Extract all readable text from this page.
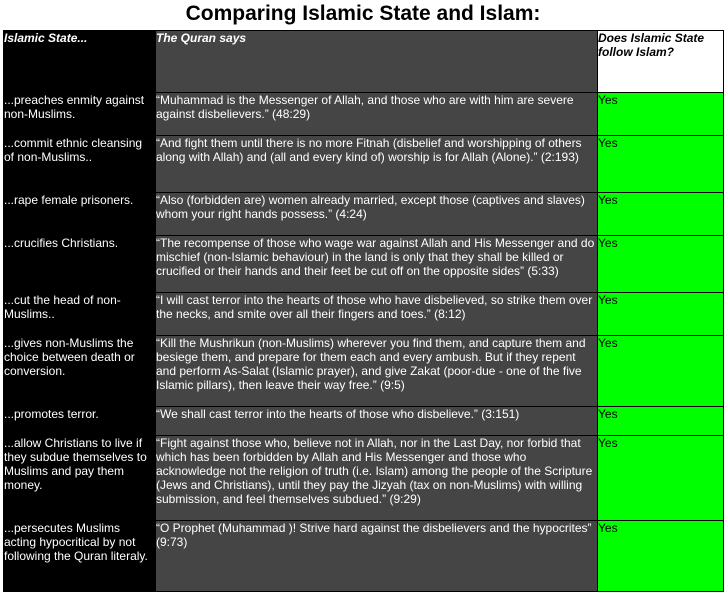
Comparing Islamic State and Islam:
Islamic State...	The Quran says	Does Islamic State follow Islam?
...preaches enmity against non-Muslims.	“Muhammad is the Messenger of Allah, and those who are with him are severe against disbelievers.” (48:29)	Yes
...commit ethnic cleansing of non-Muslims..	“And fight them until there is no more Fitnah (disbelief and worshipping of others along with Allah) and (all and every kind of) worship is for Allah (Alone).” (2:193)	Yes
...rape female prisoners.	“Also (forbidden are) women already married, except those (captives and slaves) whom your right hands possess.” (4:24)	Yes
...crucifies Christians.	“The recompense of those who wage war against Allah and His Messenger and do mischief (non-Islamic behaviour) in the land is only that they shall be killed or crucified or their hands and their feet be cut off on the opposite sides” (5:33)	Yes
...cut the head of non-Muslims..	“I will cast terror into the hearts of those who have disbelieved, so strike them over the necks, and smite over all their fingers and toes.” (8:12)	Yes
...gives non-Muslims the choice between death or conversion.	“Kill the Mushrikun (non-Muslims) wherever you find them, and capture them and besiege them, and prepare for them each and every ambush. But if they repent and perform As-Salat (Islamic prayer), and give Zakat (poor-due - one of the five Islamic pillars), then leave their way free.” (9:5)	Yes
...promotes terror.	“We shall cast terror into the hearts of those who disbelieve.” (3:151)	Yes
...allow Christians to live if they subdue themselves to Muslims and pay them money.	“Fight against those who, believe not in Allah, nor in the Last Day, nor forbid that which has been forbidden by Allah and His Messenger and those who acknowledge not the religion of truth (i.e. Islam) among the people of the Scripture (Jews and Christians), until they pay the Jizyah (tax on non-Muslims) with willing submission, and feel themselves subdued.” (9:29)	Yes
...persecutes Muslims acting hypocritical by not following the Quran literaly.	“O Prophet (Muhammad )! Strive hard against the disbelievers and the hypocrites” (9:73)	Yes
